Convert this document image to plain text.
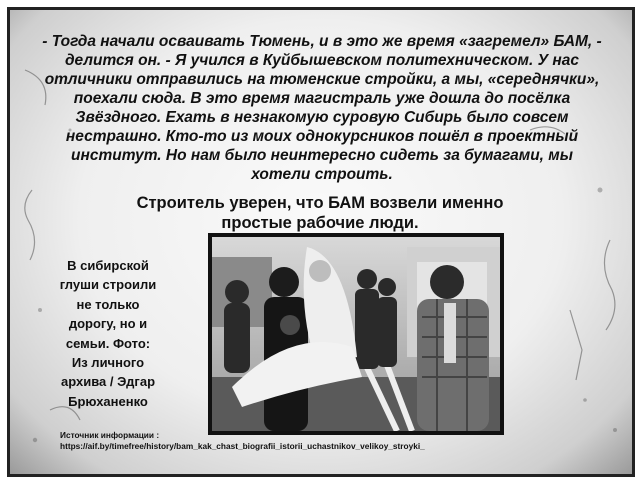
- Тогда начали осваивать Тюмень, и в это же время «загремел» БАМ, -
делится он. - Я учился в Куйбышевском политехническом. У нас
отличники отправились на тюменские стройки, а мы, «середнячки»,
поехали сюда. В это время магистраль уже дошла до посёлка
Звёздного. Ехать в незнакомую суровую Сибирь было совсем
нестрашно. Кто-то из моих однокурсников пошёл в проектный
институт. Но нам было неинтересно сидеть за бумагами, мы
хотели строить.

Строитель уверен, что БАМ возвели именно
простые рабочие люди.

В сибирской
глуши строили
не только
дорогу, но и
семьи. Фото:
Из личного
архива / Эдгар
Брюханенко

Источник информации :
https://aif.by/timefree/history/bam_kak_chast_biografii_istorii_uchastnikov_velikoy_stroyki_
